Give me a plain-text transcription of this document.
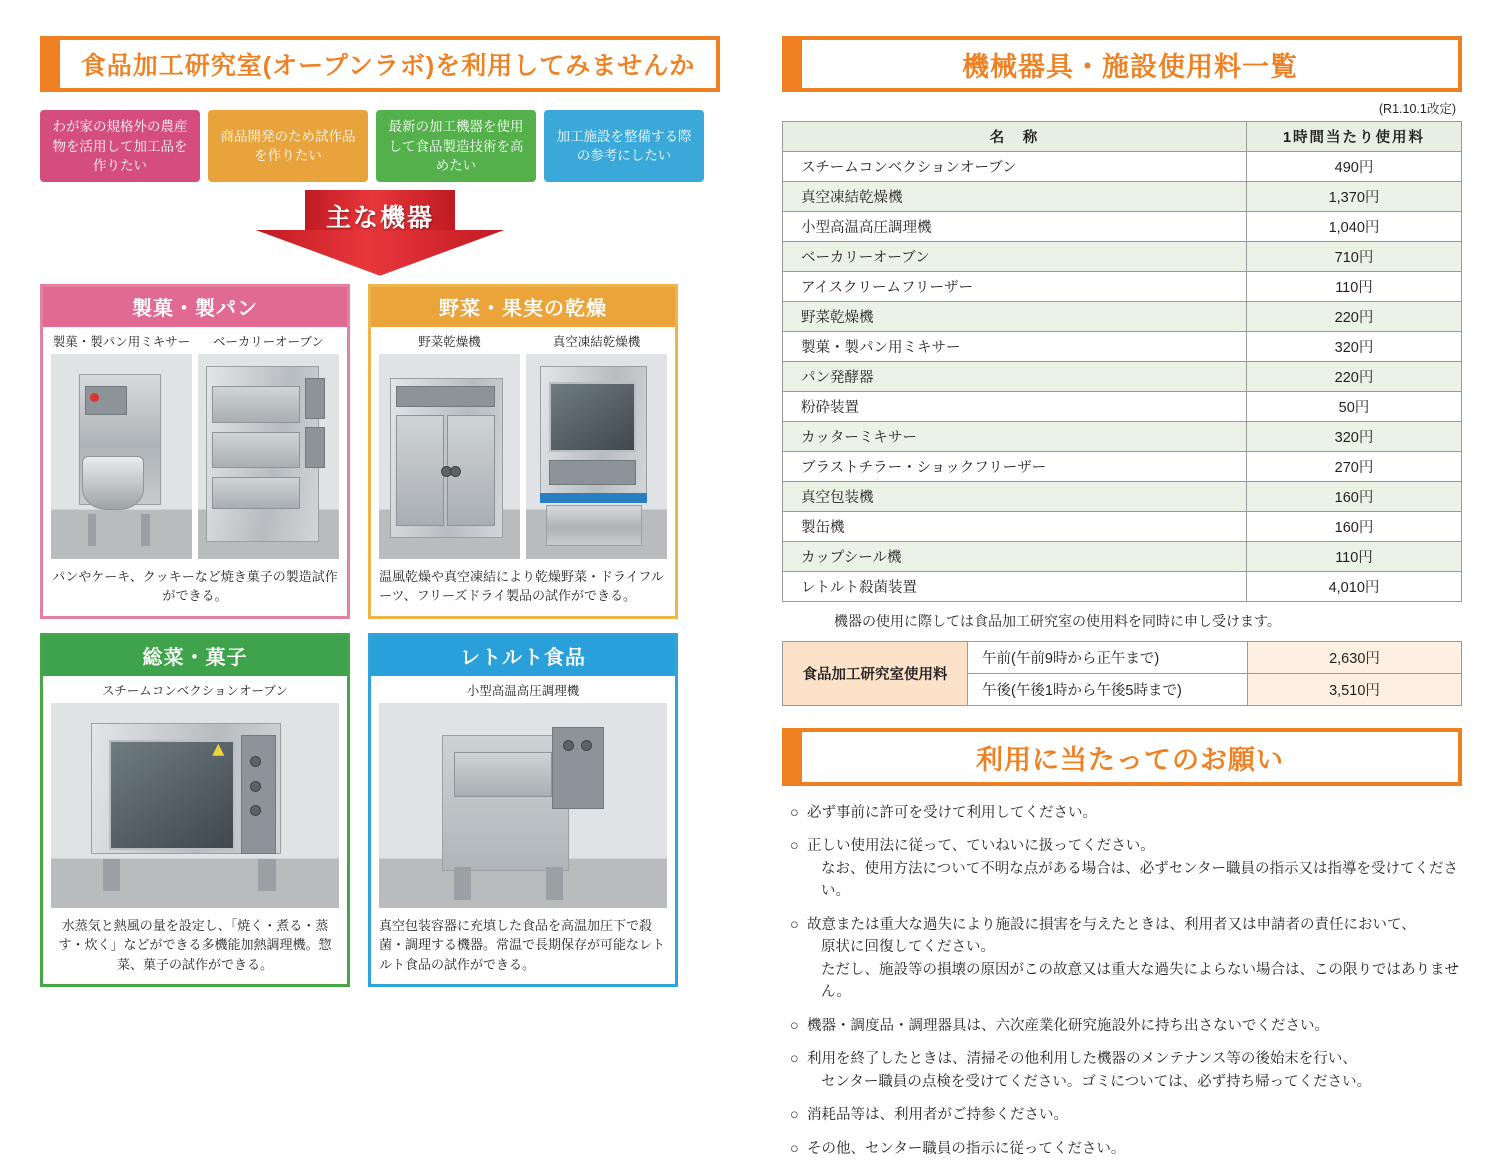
食品加工研究室(オープンラボ)を利用してみませんか
わが家の規格外の農産物を活用して加工品を作りたい
商品開発のため試作品を作りたい
最新の加工機器を使用して食品製造技術を高めたい
加工施設を整備する際の参考にしたい
主な機器
製菓・製パン
製菓・製パン用ミキサー	ベーカリーオーブン
パンやケーキ、クッキーなど焼き菓子の製造試作ができる。
野菜・果実の乾燥
野菜乾燥機	真空凍結乾燥機
温風乾燥や真空凍結により乾燥野菜・ドライフルーツ、フリーズドライ製品の試作ができる。
総菜・菓子
スチームコンベクションオーブン
水蒸気と熱風の量を設定し、「焼く・煮る・蒸す・炊く」などができる多機能加熱調理機。惣菜、菓子の試作ができる。
レトルト食品
小型高温高圧調理機
真空包装容器に充填した食品を高温加圧下で殺菌・調理する機器。常温で長期保存が可能なレトルト食品の試作ができる。
機械器具・施設使用料一覧
(R1.10.1改定)
名　称	1時間当たり使用料
スチームコンベクションオーブン	490円
真空凍結乾燥機	1,370円
小型高温高圧調理機	1,040円
ベーカリーオーブン	710円
アイスクリームフリーザー	110円
野菜乾燥機	220円
製菓・製パン用ミキサー	320円
パン発酵器	220円
粉砕装置	50円
カッターミキサー	320円
ブラストチラー・ショックフリーザー	270円
真空包装機	160円
製缶機	160円
カップシール機	110円
レトルト殺菌装置	4,010円
機器の使用に際しては食品加工研究室の使用料を同時に申し受けます。
食品加工研究室使用料	午前(午前9時から正午まで)	2,630円
	午後(午後1時から午後5時まで)	3,510円
利用に当たってのお願い
○ 必ず事前に許可を受けて利用してください。
○ 正しい使用法に従って、ていねいに扱ってください。
なお、使用方法について不明な点がある場合は、必ずセンター職員の指示又は指導を受けてください。
○ 故意または重大な過失により施設に損害を与えたときは、利用者又は申請者の責任において、
原状に回復してください。
ただし、施設等の損壊の原因がこの故意又は重大な過失によらない場合は、この限りではありません。
○ 機器・調度品・調理器具は、六次産業化研究施設外に持ち出さないでください。
○ 利用を終了したときは、清掃その他利用した機器のメンテナンス等の後始末を行い、
センター職員の点検を受けてください。ゴミについては、必ず持ち帰ってください。
○ 消耗品等は、利用者がご持参ください。
○ その他、センター職員の指示に従ってください。
